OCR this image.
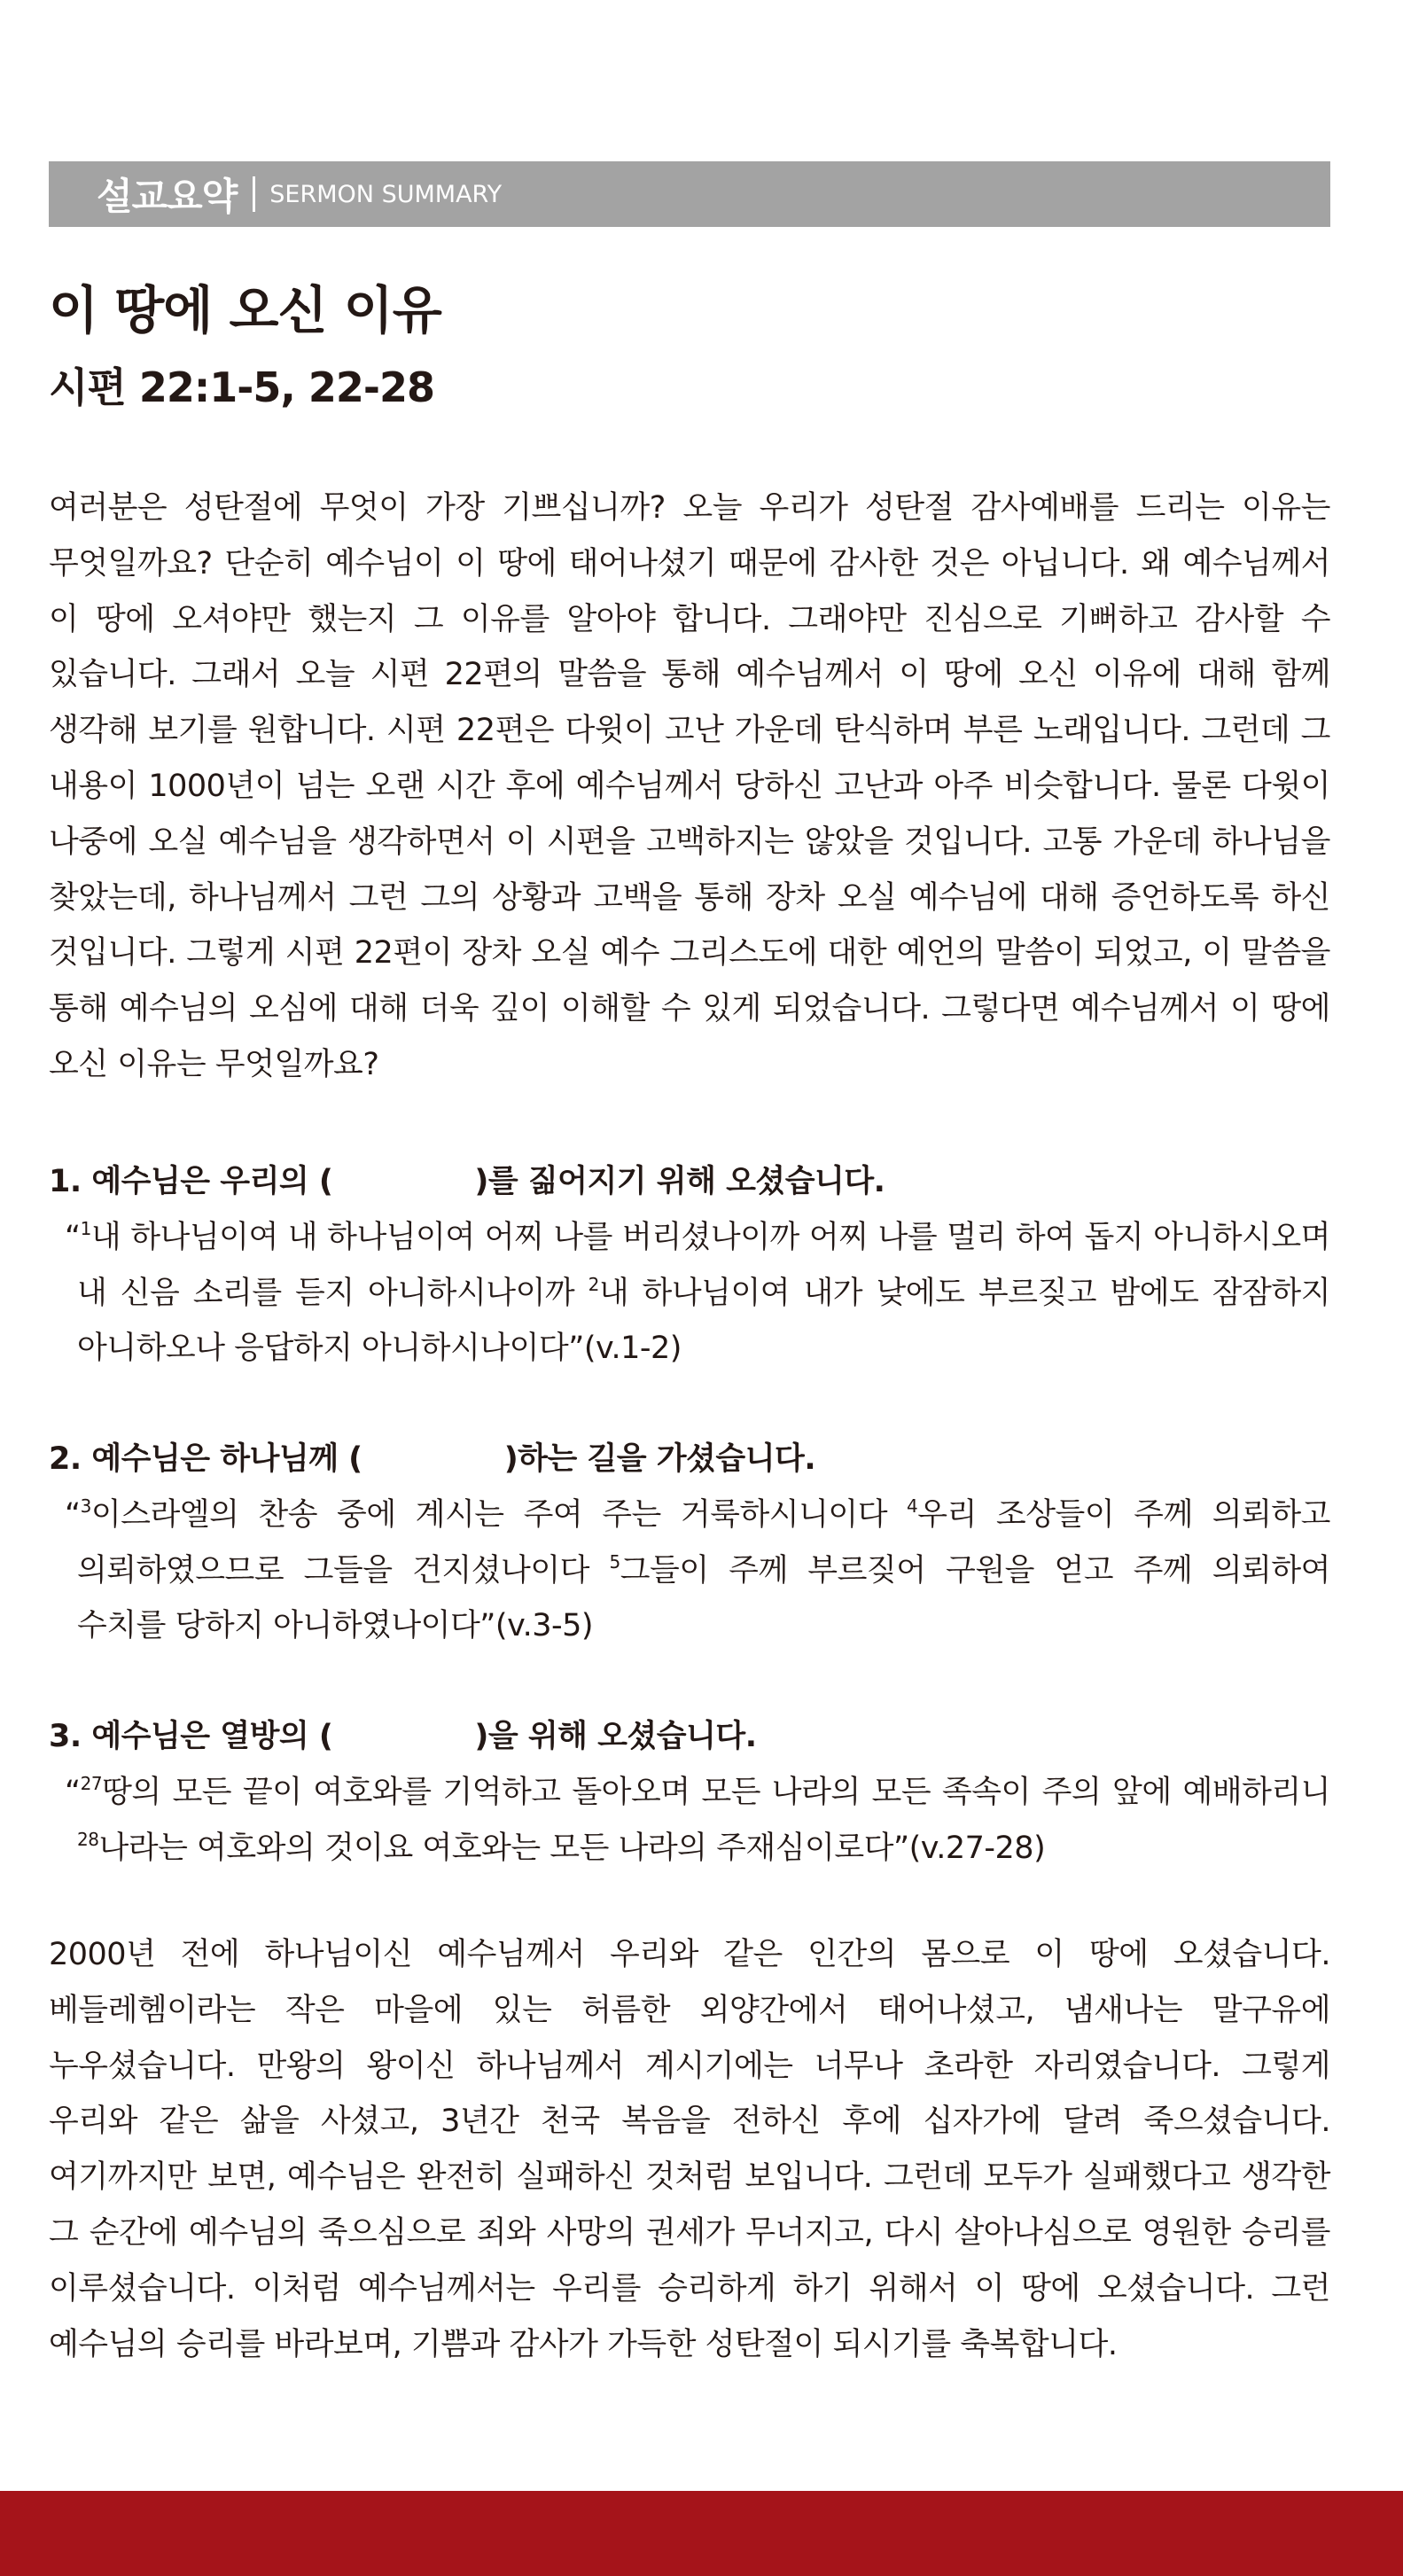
설교요약 SERMON SUMMARY
이 땅에 오신 이유
시편 22:1-5, 22-28

여러분은 성탄절에 무엇이 가장 기쁘십니까? 오늘 우리가 성탄절 감사예배를 드리는 이유는 무엇일까요? 단순히 예수님이 이 땅에 태어나셨기 때문에 감사한 것은 아닙니다. 왜 예수님께서 이 땅에 오셔야만 했는지 그 이유를 알아야 합니다. 그래야만 진심으로 기뻐하고 감사할 수 있습니다. 그래서 오늘 시편 22편의 말씀을 통해 예수님께서 이 땅에 오신 이유에 대해 함께 생각해 보기를 원합니다. 시편 22편은 다윗이 고난 가운데 탄식하며 부른 노래입니다. 그런데 그 내용이 1000년이 넘는 오랜 시간 후에 예수님께서 당하신 고난과 아주 비슷합니다. 물론 다윗이 나중에 오실 예수님을 생각하면서 이 시편을 고백하지는 않았을 것입니다. 고통 가운데 하나님을 찾았는데, 하나님께서 그런 그의 상황과 고백을 통해 장차 오실 예수님에 대해 증언하도록 하신 것입니다. 그렇게 시편 22편이 장차 오실 예수 그리스도에 대한 예언의 말씀이 되었고, 이 말씀을 통해 예수님의 오심에 대해 더욱 깊이 이해할 수 있게 되었습니다. 그렇다면 예수님께서 이 땅에 오신 이유는 무엇일까요?

1. 예수님은 우리의 (	)를 짊어지기 위해 오셨습니다.

“$^1$내 하나님이여 내 하나님이여 어찌 나를 버리셨나이까 어찌 나를 멀리 하여 돕지 아니하시오며 내 신음 소리를 듣지 아니하시나이까 $^2$내 하나님이여 내가 낮에도 부르짖고 밤에도 잠잠하지 아니하오나 응답하지 아니하시나이다”(v.1-2)

2. 예수님은 하나님께 (	)하는 길을 가셨습니다.

“$^3$이스라엘의 찬송 중에 계시는 주여 주는 거룩하시니이다 $^4$우리 조상들이 주께 의뢰하고 의뢰하였으므로 그들을 건지셨나이다 $^5$그들이 주께 부르짖어 구원을 얻고 주께 의뢰하여 수치를 당하지 아니하였나이다”(v.3-5)

3. 예수님은 열방의 (	)을 위해 오셨습니다.

“$^{27}$땅의 모든 끝이 여호와를 기억하고 돌아오며 모든 나라의 모든 족속이 주의 앞에 예배하리니 $^{28}$나라는 여호와의 것이요 여호와는 모든 나라의 주재심이로다”(v.27-28)

2000년 전에 하나님이신 예수님께서 우리와 같은 인간의 몸으로 이 땅에 오셨습니다. 베들레헴이라는 작은 마을에 있는 허름한 외양간에서 태어나셨고, 냄새나는 말구유에 누우셨습니다. 만왕의 왕이신 하나님께서 계시기에는 너무나 초라한 자리였습니다. 그렇게 우리와 같은 삶을 사셨고, 3년간 천국 복음을 전하신 후에 십자가에 달려 죽으셨습니다. 여기까지만 보면, 예수님은 완전히 실패하신 것처럼 보입니다. 그런데 모두가 실패했다고 생각한 그 순간에 예수님의 죽으심으로 죄와 사망의 권세가 무너지고, 다시 살아나심으로 영원한 승리를 이루셨습니다. 이처럼 예수님께서는 우리를 승리하게 하기 위해서 이 땅에 오셨습니다. 그런 예수님의 승리를 바라보며, 기쁨과 감사가 가득한 성탄절이 되시기를 축복합니다.
